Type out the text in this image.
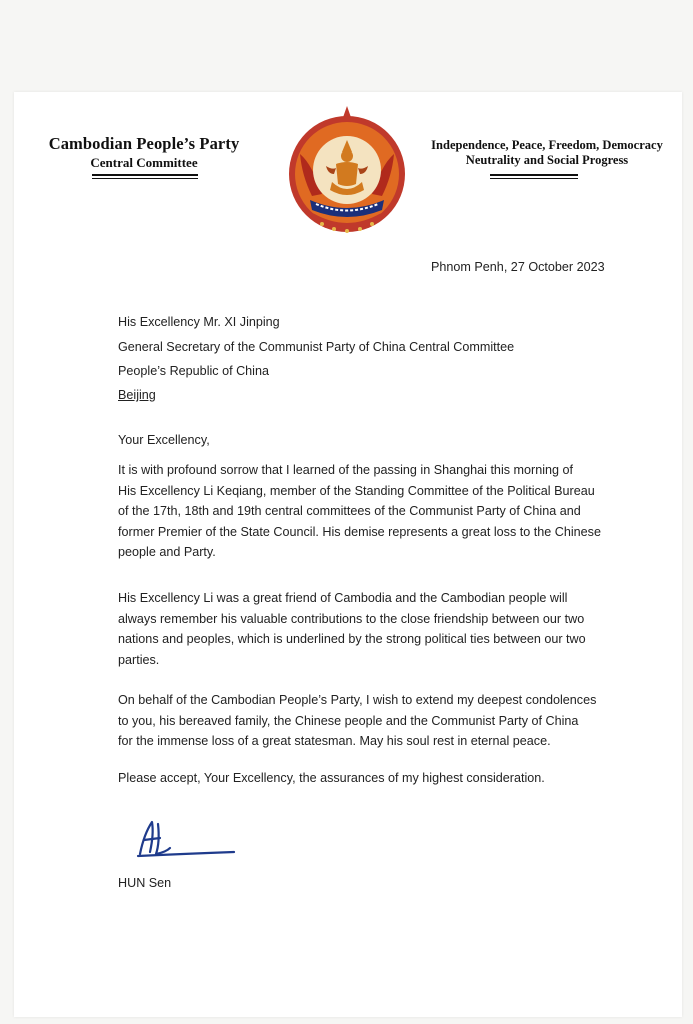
Cambodian People’s Party
Central Committee
Independence, Peace, Freedom, Democracy
Neutrality and Social Progress
Phnom Penh, 27 October 2023
His Excellency Mr. XI Jinping
General Secretary of the Communist Party of China Central Committee
People’s Republic of China
Beijing
Your Excellency,
It is with profound sorrow that I learned of the passing in Shanghai this morning of
His Excellency Li Keqiang, member of the Standing Committee of the Political Bureau
of the 17th, 18th and 19th central committees of the Communist Party of China and
former Premier of the State Council. His demise represents a great loss to the Chinese
people and Party.
His Excellency Li was a great friend of Cambodia and the Cambodian people will
always remember his valuable contributions to the close friendship between our two
nations and peoples, which is underlined by the strong political ties between our two
parties.
On behalf of the Cambodian People’s Party, I wish to extend my deepest condolences
to you, his bereaved family, the Chinese people and the Communist Party of China
for the immense loss of a great statesman. May his soul rest in eternal peace.
Please accept, Your Excellency, the assurances of my highest consideration.
HUN Sen
